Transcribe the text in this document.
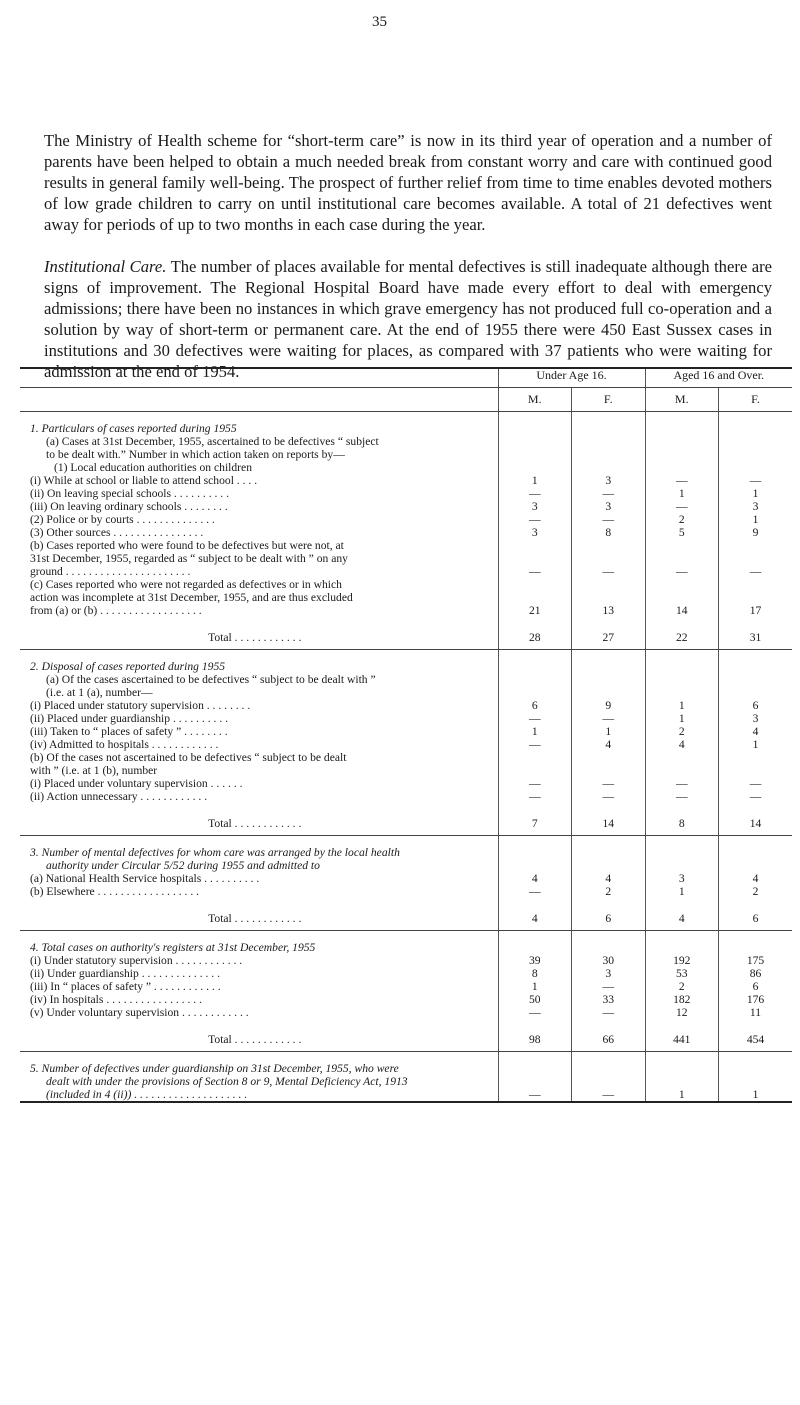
35

The Ministry of Health scheme for “short-term care” is now in its third year of operation and a number of parents have been helped to obtain a much needed break from constant worry and care with continued good results in general family well-being. The prospect of further relief from time to time enables devoted mothers of low grade children to carry on until institutional care becomes available. A total of 21 defectives went away for periods of up to two months in each case during the year.

Institutional Care. The number of places available for mental defectives is still inadequate although there are signs of improvement. The Regional Hospital Board have made every effort to deal with emergency admissions; there have been no instances in which grave emergency has not produced full co-operation and a solution by way of short-term or permanent care. At the end of 1955 there were 450 East Sussex cases in institutions and 30 defectives were waiting for places, as compared with 37 patients who were waiting for admission at the end of 1954.

		Under Age 16.		Aged 16 and Over.	
	M.	F.	M.	F.

1. Particulars of cases reported during 1955
(a) Cases at 31st December, 1955, ascertained to be defectives “ subject
to be dealt with.” Number in which action taken on reports by—
(1) Local education authorities on children				

(i) While at school or liable to attend school . . . .	1	3	—	—
(ii) On leaving special schools . . . . . . . . . .	—	—	1	1
(iii) On leaving ordinary schools . . . . . . . .	3	3	—	3
(2) Police or by courts . . . . . . . . . . . . . .	—	—	2	1
(3) Other sources . . . . . . . . . . . . . . . .	3	8	5	9

(b) Cases reported who were found to be defectives but were not, at
31st December, 1955, regarded as “ subject to be dealt with ” on any
ground . . . . . . . . . . . . . . . . . . . . . .	—	—	—	—

(c) Cases reported who were not regarded as defectives or in which
action was incomplete at 31st December, 1955, and are thus excluded
from (a) or (b) . . . . . . . . . . . . . . . . . .	21	13	14	17

Total . . . . . . . . . . . .	28	27	22	31

2. Disposal of cases reported during 1955
(a) Of the cases ascertained to be defectives “ subject to be dealt with ”
(i.e. at 1 (a), number—				

(i) Placed under statutory supervision . . . . . . . .	6	9	1	6
(ii) Placed under guardianship . . . . . . . . . .	—	—	1	3
(iii) Taken to “ places of safety ” . . . . . . . .	1	1	2	4
(iv) Admitted to hospitals . . . . . . . . . . . .	—	4	4	1

(b) Of the cases not ascertained to be defectives “ subject to be dealt
with ” (i.e. at 1 (b), number				

(i) Placed under voluntary supervision . . . . . .	—	—	—	—
(ii) Action unnecessary . . . . . . . . . . . .	—	—	—	—

Total . . . . . . . . . . . .	7	14	8	14

3. Number of mental defectives for whom care was arranged by the local health
authority under Circular 5/52 during 1955 and admitted to				

(a) National Health Service hospitals . . . . . . . . . .	4	4	3	4
(b) Elsewhere . . . . . . . . . . . . . . . . . .	—	2	1	2

Total . . . . . . . . . . . .	4	6	4	6

4. Total cases on authority's registers at 31st December, 1955				

(i) Under statutory supervision . . . . . . . . . . . .	39	30	192	175
(ii) Under guardianship . . . . . . . . . . . . . .	8	3	53	86
(iii) In “ places of safety ” . . . . . . . . . . . .	1	—	2	6
(iv) In hospitals . . . . . . . . . . . . . . . . .	50	33	182	176
(v) Under voluntary supervision . . . . . . . . . . . .	—	—	12	11

Total . . . . . . . . . . . .	98	66	441	454

5. Number of defectives under guardianship on 31st December, 1955, who were
dealt with under the provisions of Section 8 or 9, Mental Deficiency Act, 1913
(included in 4 (ii)) . . . . . . . . . . . . . . . . . . . .	—	—	1	1
